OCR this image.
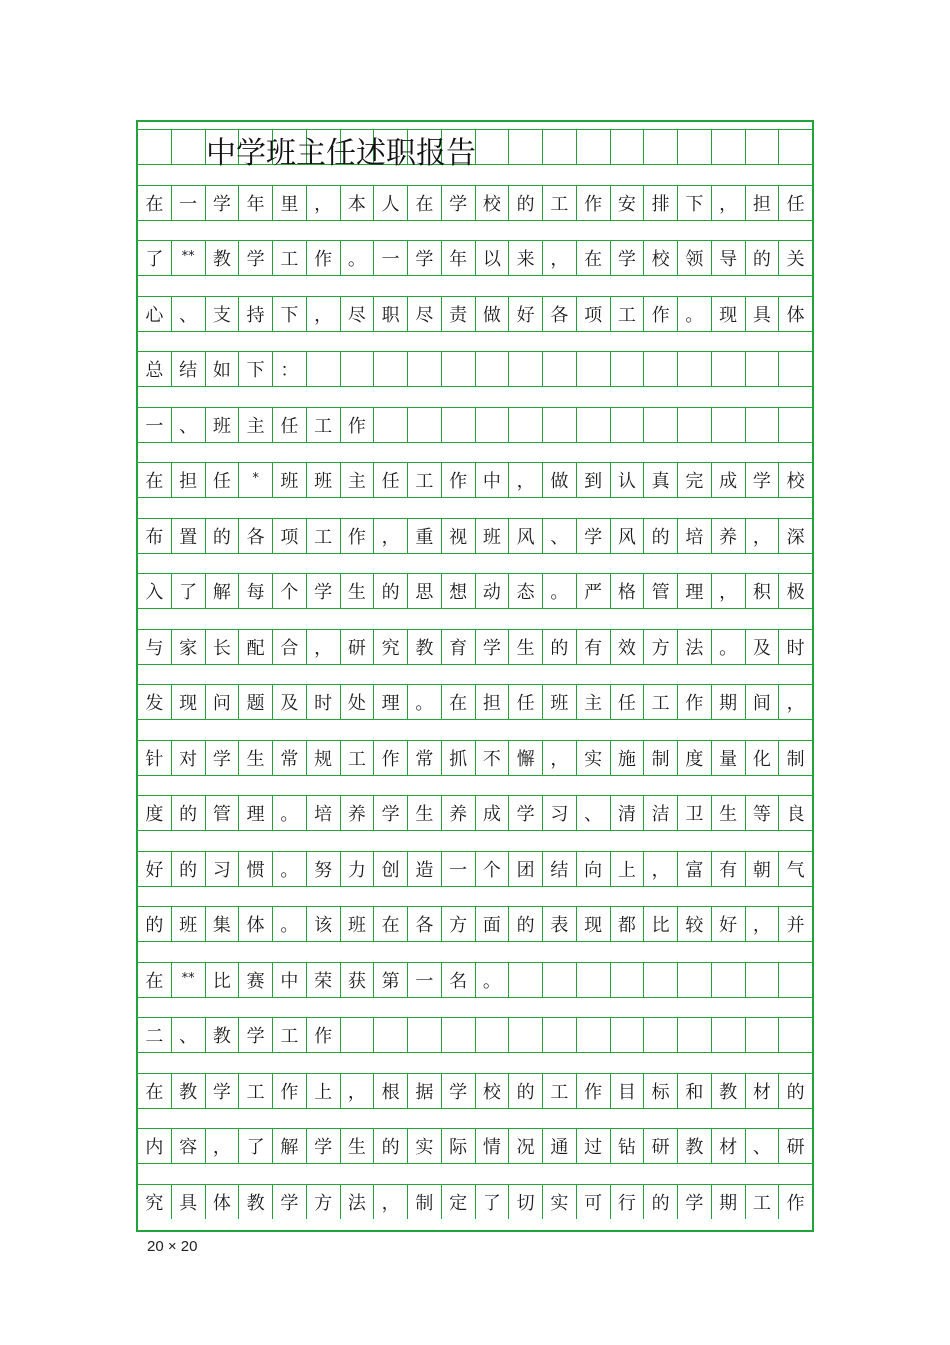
在 一 学 年 里 ， 本 人 在 学 校 的 工 作 安 排 下 ， 担 任
了	**	教 学 工 作 。 一 学 年 以 来 ， 在 学 校 领 导 的 关
心 、 支 持 下 ， 尽 职 尽 责 做 好 各 项 工 作 。 现 具 体
总 结 如 下 ：
一 、 班 主 任 工 作
在 担 任	*	班 班 主 任 工 作 中 ， 做 到 认 真 完 成 学 校
布 置 的 各 项 工 作 ， 重 视 班 风 、 学 风 的 培 养 ， 深
入 了 解 每 个 学 生 的 思 想 动 态 。 严 格 管 理 ， 积 极
与 家 长 配 合 ， 研 究 教 育 学 生 的 有 效 方 法 。 及 时
发 现 问 题 及 时 处 理 。 在 担 任 班 主 任 工 作 期 间 ，
针 对 学 生 常 规 工 作 常 抓 不 懈 ， 实 施 制 度 量 化 制
度 的 管 理 。 培 养 学 生 养 成 学 习 、 清 洁 卫 生 等 良
好 的 习 惯 。 努 力 创 造 一 个 团 结 向 上 ， 富 有 朝 气
的 班 集 体 。 该 班 在 各 方 面 的 表 现 都 比 较 好 ， 并
在	**	比 赛 中 荣 获 第 一 名 。
二 、 教 学 工 作
在 教 学 工 作 上 ， 根 据 学 校 的 工 作 目 标 和 教 材 的
内 容 ， 了 解 学 生 的 实 际 情 况 通 过 钻 研 教 材 、 研
究 具 体 教 学 方 法 ， 制 定 了 切 实 可 行 的 学 期 工 作
中学班主任述职报告
20 × 20
